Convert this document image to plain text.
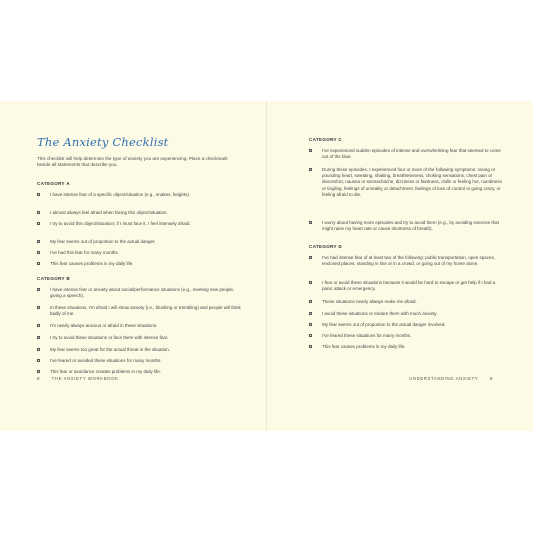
The Anxiety Checklist
This checklist will help determine the type of anxiety you are experiencing. Place a checkmark beside all statements that describe you.
CATEGORY A
I have intense fear of a specific object/situation (e.g., snakes, heights).
I almost always feel afraid when facing this object/situation.
I try to avoid this object/situation; if I must face it, I feel intensely afraid.
My fear seems out of proportion to the actual danger.
I've had this fear for many months.
This fear causes problems in my daily life.
CATEGORY B
I have intense fear or anxiety about social/performance situations (e.g., meeting new people, giving a speech).
In these situations, I'm afraid I will show anxiety (i.e., blushing or trembling) and people will think badly of me.
I'm nearly always anxious or afraid in these situations.
I try to avoid these situations or face them with intense fear.
My fear seems too great for the actual threat in the situation.
I've feared or avoided these situations for many months.
This fear or avoidance creates problems in my daily life.
8	THE ANXIETY WORKBOOK
CATEGORY C
I've experienced sudden episodes of intense and overwhelming fear that seemed to come out of the blue.
During these episodes, I experienced four or more of the following symptoms: racing or pounding heart, sweating, shaking, breathlessness, choking sensations, chest pain or discomfort, nausea or stomachache, dizziness or faintness, chills or feeling hot, numbness or tingling, feelings of unreality or detachment, feelings of loss of control or going crazy, or feeling afraid to die.
I worry about having more episodes and try to avoid them (e.g., by avoiding exercise that might raise my heart rate or cause shortness of breath).
CATEGORY D
I've had intense fear of at least two of the following: public transportation, open spaces, enclosed places, standing in line or in a crowd, or going out of my home alone.
I fear or avoid these situations because it would be hard to escape or get help if I had a panic attack or emergency.
These situations nearly always make me afraid.
I avoid these situations or endure them with much anxiety.
My fear seems out of proportion to the actual danger involved.
I've feared these situations for many months.
This fear causes problems in my daily life.
UNDERSTANDING ANXIETY	9
